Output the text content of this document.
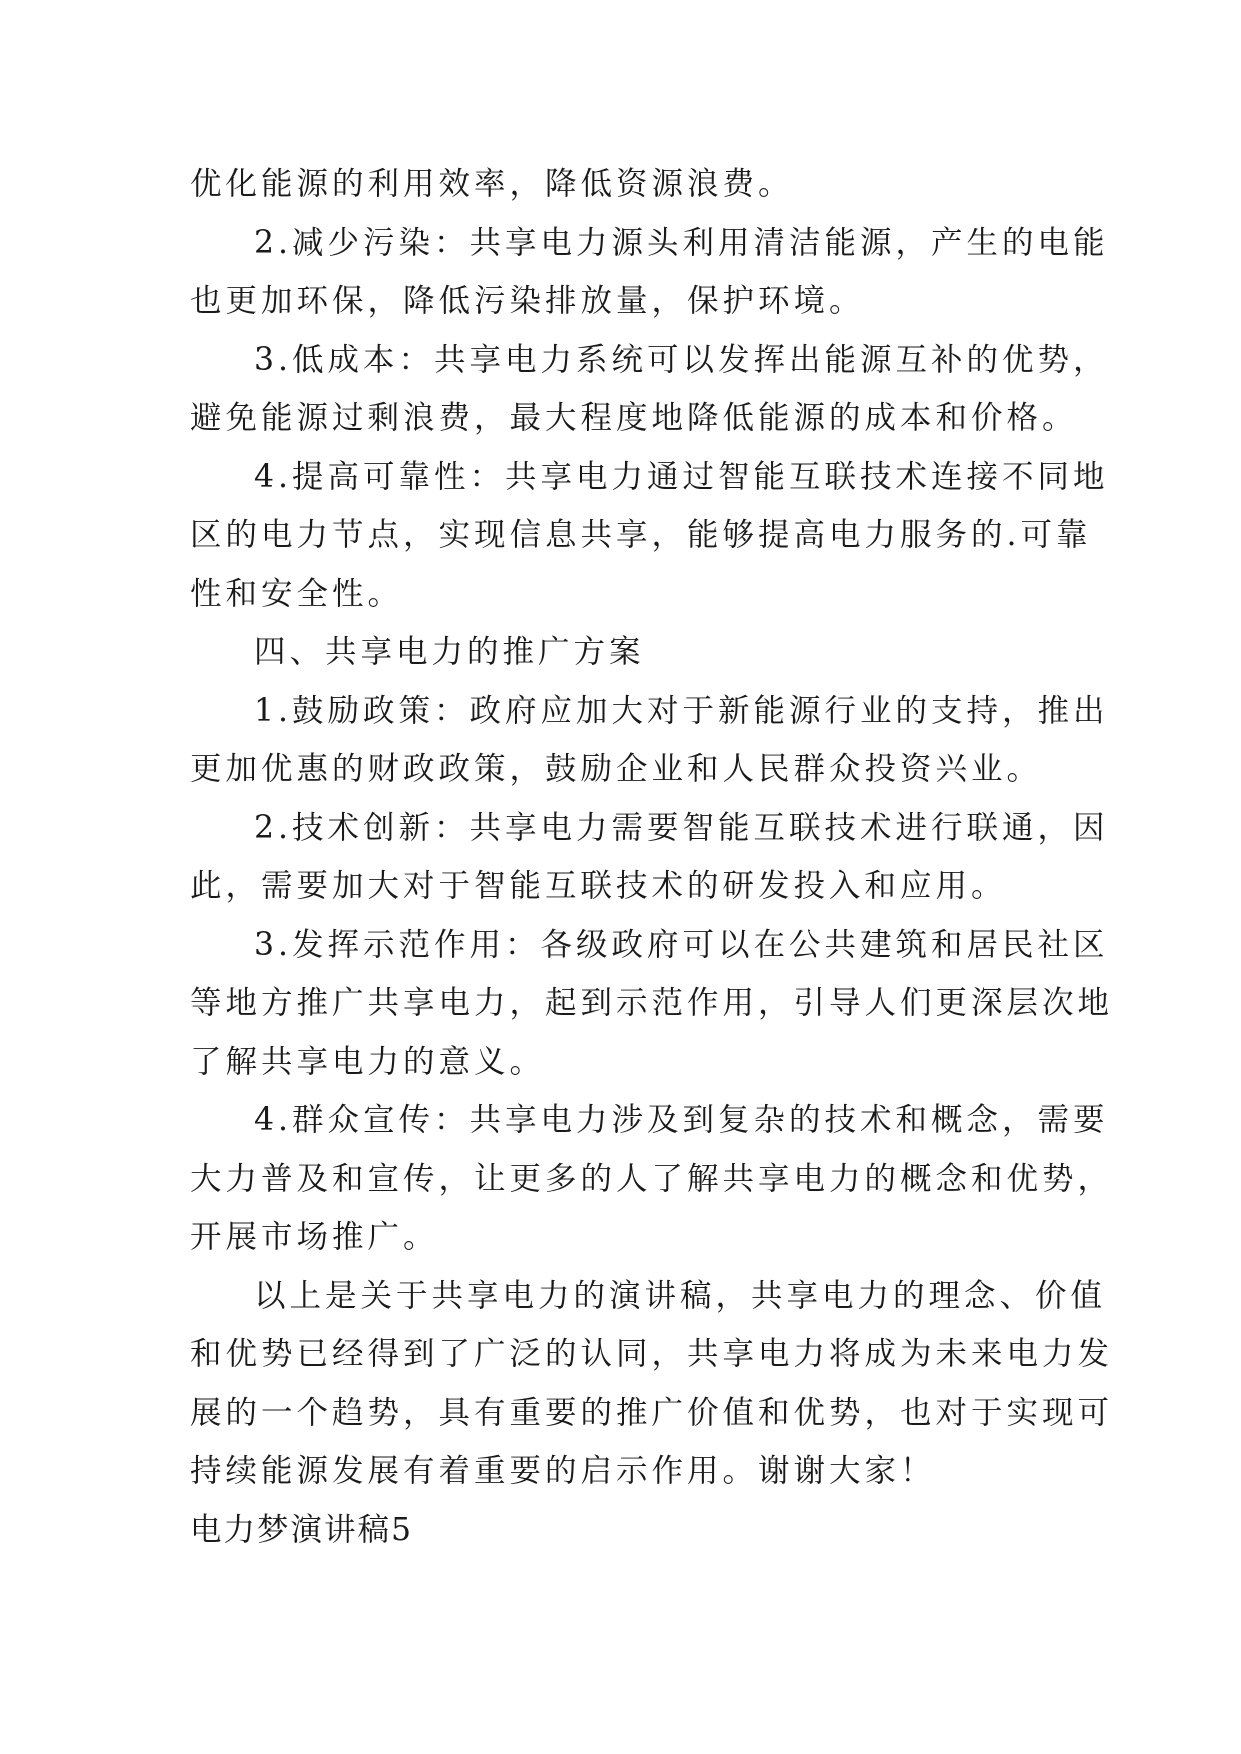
优化能源的利用效率，降低资源浪费。
2.减少污染：共享电力源头利用清洁能源，产生的电能
也更加环保，降低污染排放量，保护环境。
3.低成本：共享电力系统可以发挥出能源互补的优势，
避免能源过剩浪费，最大程度地降低能源的成本和价格。
4.提高可靠性：共享电力通过智能互联技术连接不同地
区的电力节点，实现信息共享，能够提高电力服务的.可靠
性和安全性。
四、共享电力的推广方案
1.鼓励政策：政府应加大对于新能源行业的支持，推出
更加优惠的财政政策，鼓励企业和人民群众投资兴业。
2.技术创新：共享电力需要智能互联技术进行联通，因
此，需要加大对于智能互联技术的研发投入和应用。
3.发挥示范作用：各级政府可以在公共建筑和居民社区
等地方推广共享电力，起到示范作用，引导人们更深层次地
了解共享电力的意义。
4.群众宣传：共享电力涉及到复杂的技术和概念，需要
大力普及和宣传，让更多的人了解共享电力的概念和优势，
开展市场推广。
以上是关于共享电力的演讲稿，共享电力的理念、价值
和优势已经得到了广泛的认同，共享电力将成为未来电力发
展的一个趋势，具有重要的推广价值和优势，也对于实现可
持续能源发展有着重要的启示作用。谢谢大家！
电力梦演讲稿5
